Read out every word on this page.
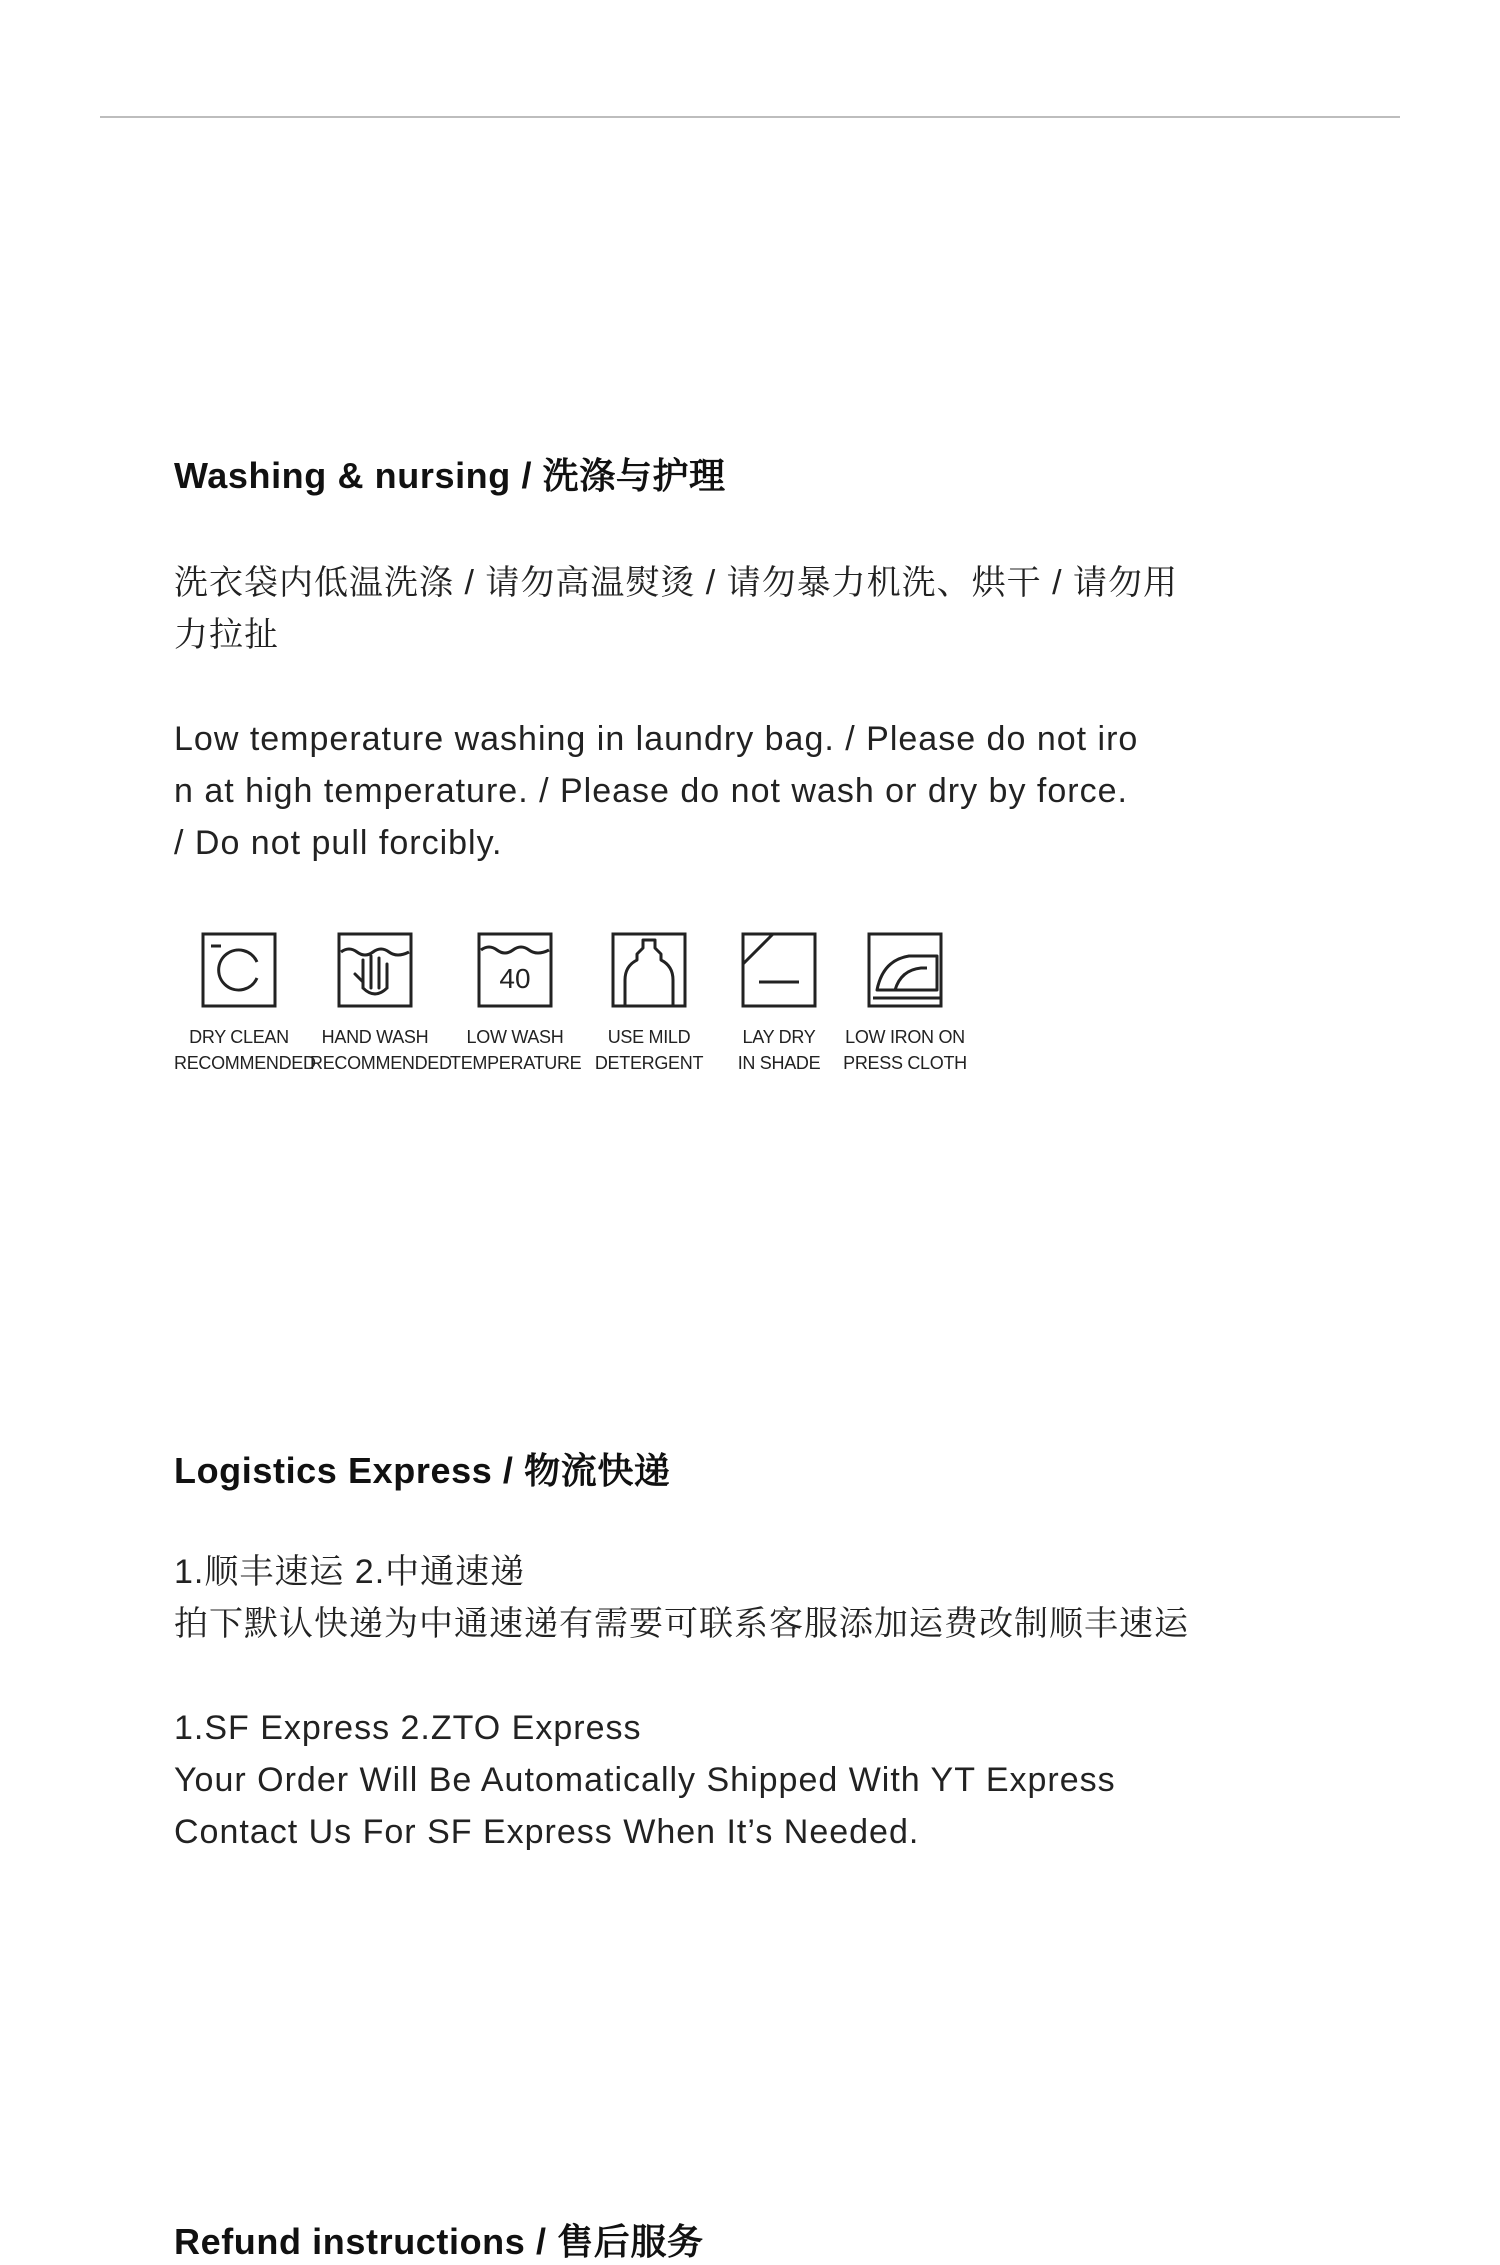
Washing & nursing / 洗涤与护理

洗衣袋内低温洗涤 / 请勿高温熨烫 / 请勿暴力机洗、烘干 / 请勿用
力拉扯

Low temperature washing in laundry bag. / Please do not iro
n at high temperature. / Please do not wash or dry by force.
/ Do not pull forcibly.

DRY CLEAN
RECOMMENDED
HAND WASH
RECOMMENDED
40
LOW WASH
TEMPERATURE
USE MILD
DETERGENT
LAY DRY
IN SHADE
LOW IRON ON
PRESS CLOTH
Logistics Express / 物流快递

1.顺丰速运 2.中通速递
拍下默认快递为中通速递有需要可联系客服添加运费改制顺丰速运

1.SF Express 2.ZTO Express
Your Order Will Be Automatically Shipped With YT Express
Contact Us For SF Express When It’s Needed.

Refund instructions / 售后服务
